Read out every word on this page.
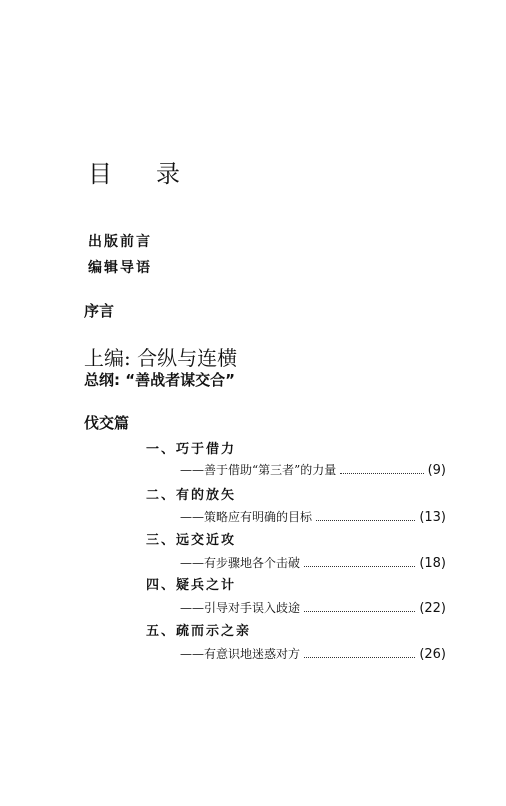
目 录
出版前言
编辑导语
序言
上编: 合纵与连横
总纲: “善战者谋交合”
伐交篇
一、巧于借力
——善于借助“第三者”的力量	(9)
二、有的放矢
——策略应有明确的目标	(13)
三、远交近攻
——有步骤地各个击破	(18)
四、疑兵之计
——引导对手误入歧途	(22)
五、疏而示之亲
——有意识地迷惑对方	(26)
